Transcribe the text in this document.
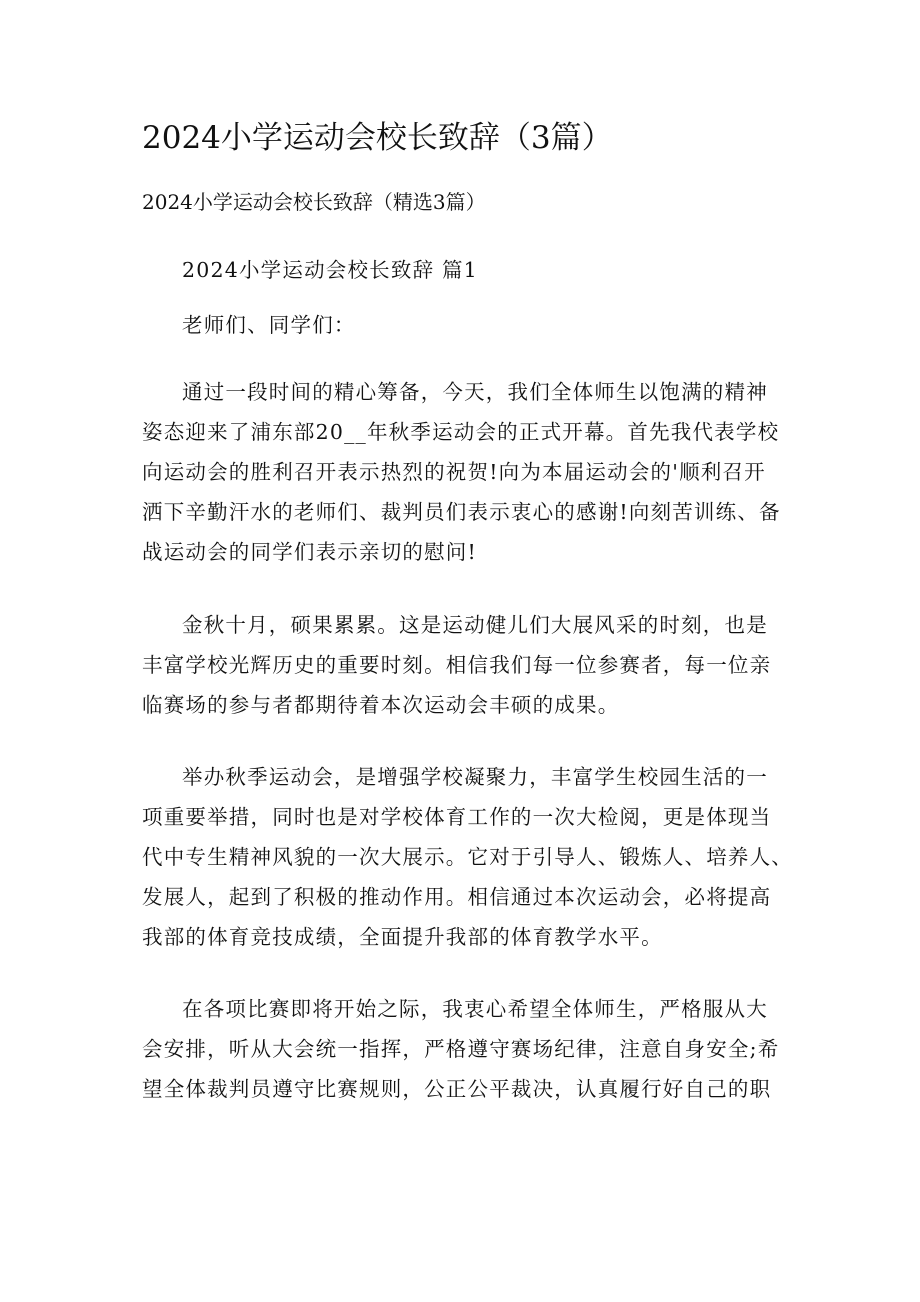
2024小学运动会校长致辞（3篇）
2024小学运动会校长致辞（精选3篇）
2024小学运动会校长致辞 篇1
老师们、同学们：
通过一段时间的精心筹备，今天，我们全体师生以饱满的精神
姿态迎来了浦东部20__年秋季运动会的正式开幕。首先我代表学校
向运动会的胜利召开表示热烈的祝贺!向为本届运动会的'顺利召开
洒下辛勤汗水的老师们、裁判员们表示衷心的感谢!向刻苦训练、备
战运动会的同学们表示亲切的慰问!
金秋十月，硕果累累。这是运动健儿们大展风采的时刻，也是
丰富学校光辉历史的重要时刻。相信我们每一位参赛者，每一位亲
临赛场的参与者都期待着本次运动会丰硕的成果。
举办秋季运动会，是增强学校凝聚力，丰富学生校园生活的一
项重要举措，同时也是对学校体育工作的一次大检阅，更是体现当
代中专生精神风貌的一次大展示。它对于引导人、锻炼人、培养人、
发展人，起到了积极的推动作用。相信通过本次运动会，必将提高
我部的体育竞技成绩，全面提升我部的体育教学水平。
在各项比赛即将开始之际，我衷心希望全体师生，严格服从大
会安排，听从大会统一指挥，严格遵守赛场纪律，注意自身安全;希
望全体裁判员遵守比赛规则，公正公平裁决，认真履行好自己的职
